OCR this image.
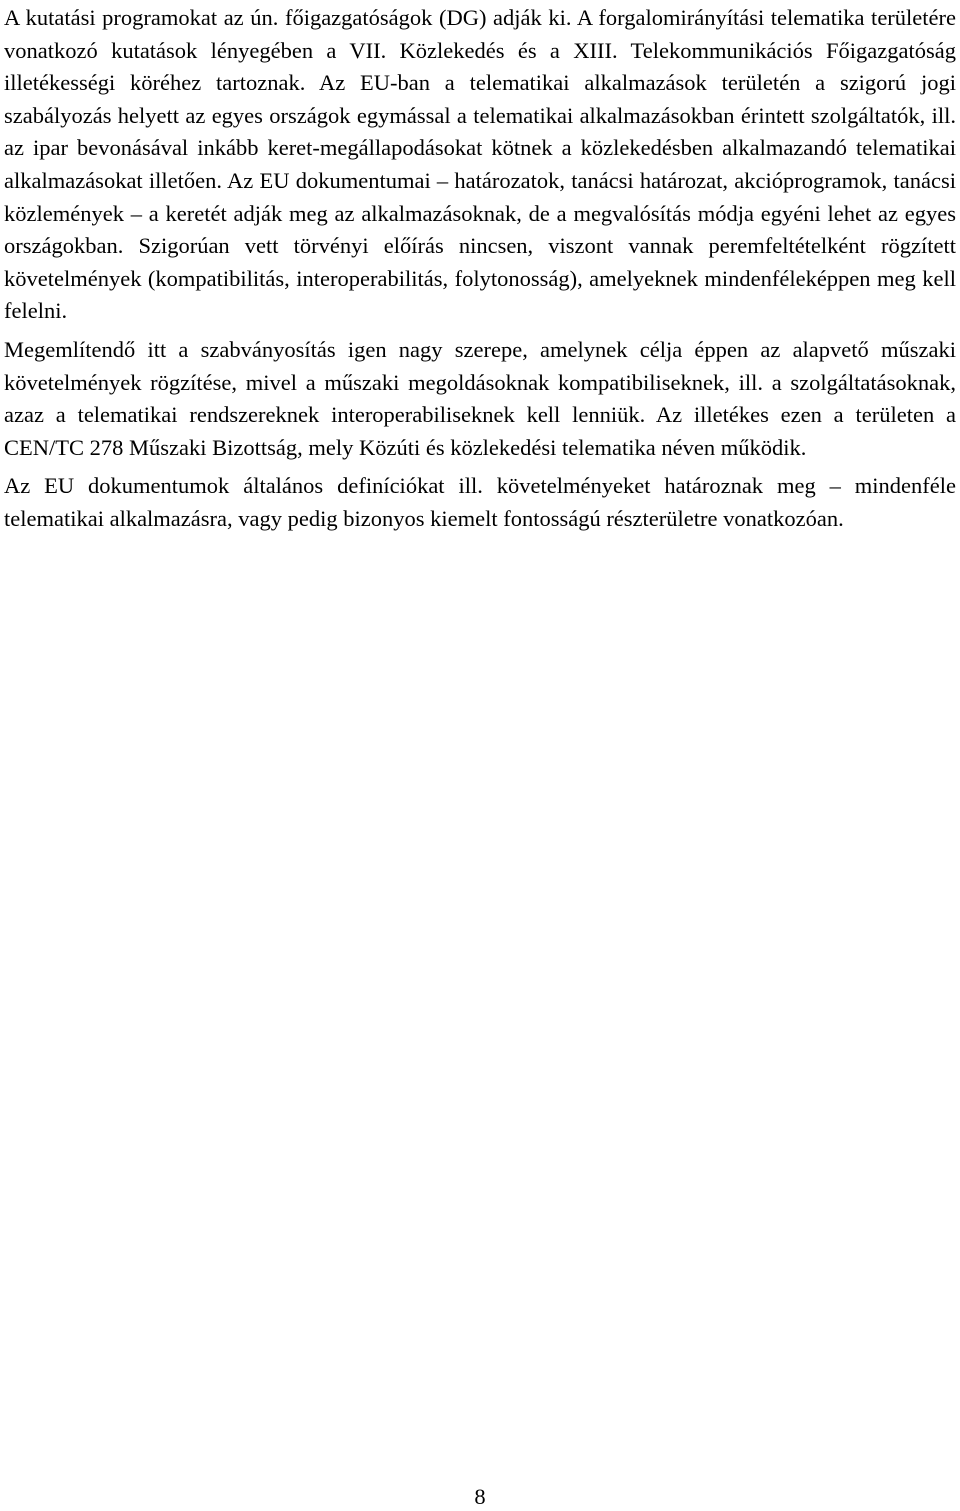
A kutatási programokat az ún. főigazgatóságok (DG) adják ki. A forgalomirányítási telematika területére vonatkozó kutatások lényegében a VII. Közlekedés és a XIII. Telekommunikációs Főigazgatóság illetékességi köréhez tartoznak. Az EU-ban a telematikai alkalmazások területén a szigorú jogi szabályozás helyett az egyes országok egymással a telematikai alkalmazásokban érintett szolgáltatók, ill. az ipar bevonásával inkább keret-megállapodásokat kötnek a közlekedésben alkalmazandó telematikai alkalmazásokat illetően. Az EU dokumentumai – határozatok, tanácsi határozat, akcióprogramok, tanácsi közlemények – a keretét adják meg az alkalmazásoknak, de a megvalósítás módja egyéni lehet az egyes országokban. Szigorúan vett törvényi előírás nincsen, viszont vannak peremfeltételként rögzített követelmények (kompatibilitás, interoperabilitás, folytonosság), amelyeknek mindenféleképpen meg kell felelni.

Megemlítendő itt a szabványosítás igen nagy szerepe, amelynek célja éppen az alapvető műszaki követelmények rögzítése, mivel a műszaki megoldásoknak kompatibiliseknek, ill. a szolgáltatásoknak, azaz a telematikai rendszereknek interoperabiliseknek kell lenniük. Az illetékes ezen a területen a CEN/TC 278 Műszaki Bizottság, mely Közúti és közlekedési telematika néven működik.

Az EU dokumentumok általános definíciókat ill. követelményeket határoznak meg – mindenféle telematikai alkalmazásra, vagy pedig bizonyos kiemelt fontosságú részterületre vonatkozóan.

8
